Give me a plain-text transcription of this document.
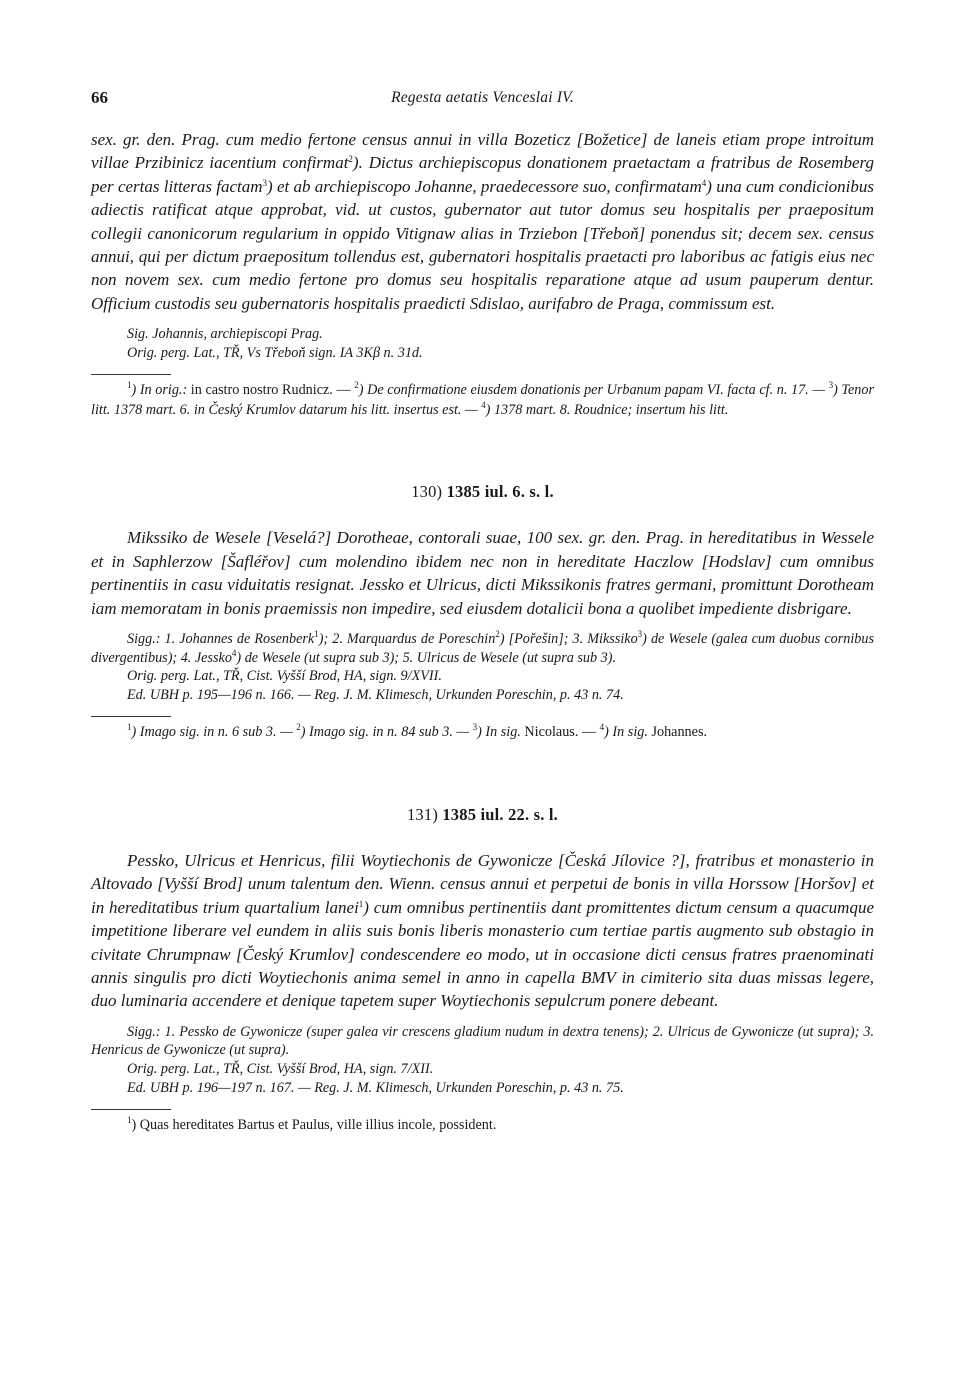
66	Regesta aetatis Venceslai IV.

sex. gr. den. Prag. cum medio fertone census annui in villa Bozeticz [Božetice] de laneis etiam prope introitum villae Przibinicz iacentium confirmat$^2$). Dictus archiepiscopus donationem praetactam a fratribus de Rosemberg per certas litteras factam$^3$) et ab archiepiscopo Johanne, praedecessore suo, confirmatam$^4$) una cum condicionibus adiectis ratificat atque approbat, vid. ut custos, gubernator aut tutor domus seu hospitalis per praepositum collegii canonicorum regularium in oppido Vitignaw alias in Trziebon [Třeboň] ponendus sit; decem sex. census annui, qui per dictum praepositum tollendus est, gubernatori hospitalis praetacti pro laboribus ac fatigis eius nec non novem sex. cum medio fertone pro domus seu hospitalis reparatione atque ad usum pauperum dentur. Officium custodis seu gubernatoris hospitalis praedicti Sdislao, aurifabro de Praga, commissum est.

Sig. Johannis, archiepiscopi Prag.

Orig. perg. Lat., TŘ, Vs Třeboň sign. IA 3Kβ n. 31d.

$^1$) In orig.: in castro nostro Rudnicz. — $^2$) De confirmatione eiusdem donationis per Urbanum papam VI. facta cf. n. 17. — $^3$) Tenor litt. 1378 mart. 6. in Český Krumlov datarum his litt. insertus est. — $^4$) 1378 mart. 8. Roudnice; insertum his litt.

130) 1385 iul. 6. s. l.

Mikssiko de Wesele [Veselá?] Dorotheae, contorali suae, 100 sex. gr. den. Prag. in hereditatibus in Wessele et in Saphlerzow [Šafléřov] cum molendino ibidem nec non in hereditate Haczlow [Hodslav] cum omnibus pertinentiis in casu viduitatis resignat. Jessko et Ulricus, dicti Mikssikonis fratres germani, promittunt Dorotheam iam memoratam in bonis praemissis non impedire, sed eiusdem dotalicii bona a quolibet impediente disbrigare.

Sigg.: 1. Johannes de Rosenberk$^1$); 2. Marquardus de Poreschin$^2$) [Pořešin]; 3. Mikssiko$^3$) de Wesele (galea cum duobus cornibus divergentibus); 4. Jessko$^4$) de Wesele (ut supra sub 3); 5. Ulricus de Wesele (ut supra sub 3).

Orig. perg. Lat., TŘ, Cist. Vyšší Brod, HA, sign. 9/XVII.

Ed. UBH p. 195—196 n. 166. — Reg. J. M. Klimesch, Urkunden Poreschin, p. 43 n. 74.

$^1$) Imago sig. in n. 6 sub 3. — $^2$) Imago sig. in n. 84 sub 3. — $^3$) In sig. Nicolaus. — $^4$) In sig. Johannes.

131) 1385 iul. 22. s. l.

Pessko, Ulricus et Henricus, filii Woytiechonis de Gywonicze [Česká Jílovice ?], fratribus et monasterio in Altovado [Vyšší Brod] unum talentum den. Wienn. census annui et perpetui de bonis in villa Horssow [Horšov] et in hereditatibus trium quartalium lanei$^1$) cum omnibus pertinentiis dant promittentes dictum censum a quacumque impetitione liberare vel eundem in aliis suis bonis liberis monasterio cum tertiae partis augmento sub obstagio in civitate Chrumpnaw [Český Krumlov] condescendere eo modo, ut in occasione dicti census fratres praenominati annis singulis pro dicti Woytiechonis anima semel in anno in capella BMV in cimiterio sita duas missas legere, duo luminaria accendere et denique tapetem super Woytiechonis sepulcrum ponere debeant.

Sigg.: 1. Pessko de Gywonicze (super galea vir crescens gladium nudum in dextra tenens); 2. Ulricus de Gywonicze (ut supra); 3. Henricus de Gywonicze (ut supra).

Orig. perg. Lat., TŘ, Cist. Vyšší Brod, HA, sign. 7/XII.

Ed. UBH p. 196—197 n. 167. — Reg. J. M. Klimesch, Urkunden Poreschin, p. 43 n. 75.

$^1$) Quas hereditates Bartus et Paulus, ville illius incole, possident.
